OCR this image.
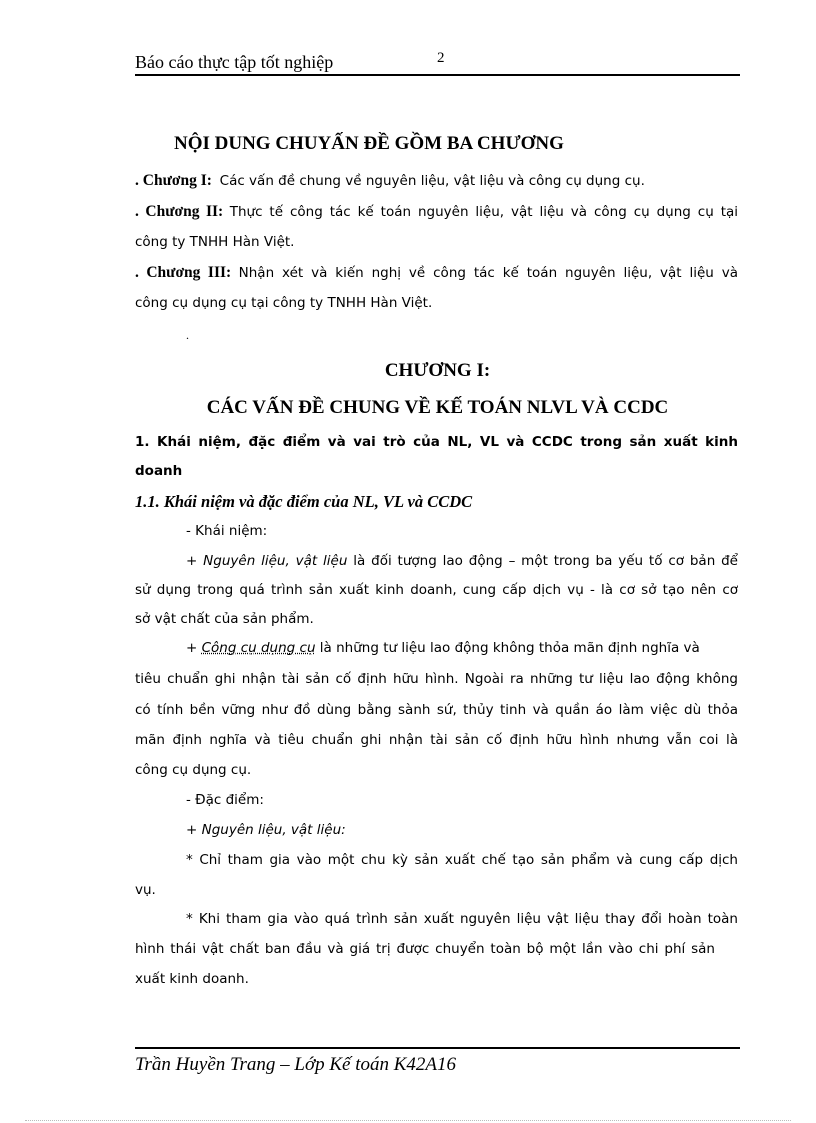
Báo cáo thực tập tốt nghiệp	2
NỘI DUNG CHUYẤN ĐỀ GỒM BA CHƯƠNG
. Chương I: Các vấn đề chung về nguyên liệu, vật liệu và công cụ dụng cụ.
. Chương II: Thực tế công tác kế toán nguyên liệu, vật liệu và công cụ dụng cụ tại
công ty TNHH Hàn Việt.
. Chương III: Nhận xét và kiến nghị về công tác kế toán nguyên liệu, vật liệu và
công cụ dụng cụ tại công ty TNHH Hàn Việt.
.
CHƯƠNG I:
CÁC VẤN ĐỀ CHUNG VỀ KẾ TOÁN NLVL VÀ CCDC
1. Khái niệm, đặc điểm và vai trò của NL, VL và CCDC trong sản xuất kinh
doanh
1.1. Khái niệm và đặc điểm của NL, VL và CCDC
- Khái niệm:
+ Nguyên liệu, vật liệu là đối tượng lao động – một trong ba yếu tố cơ bản để
sử dụng trong quá trình sản xuất kinh doanh, cung cấp dịch vụ - là cơ sở tạo nên cơ
sở vật chất của sản phẩm.
+ Công cụ dụng cụ là những tư liệu lao động không thỏa mãn định nghĩa và
tiêu chuẩn ghi nhận tài sản cố định hữu hình. Ngoài ra những tư liệu lao động không
có tính bền vững như đồ dùng bằng sành sứ, thủy tinh và quần áo làm việc dù thỏa
mãn định nghĩa và tiêu chuẩn ghi nhận tài sản cố định hữu hình nhưng vẫn coi là
công cụ dụng cụ.
- Đặc điểm:
+ Nguyên liệu, vật liệu:
* Chỉ tham gia vào một chu kỳ sản xuất chế tạo sản phẩm và cung cấp dịch
vụ.
* Khi tham gia vào quá trình sản xuất nguyên liệu vật liệu thay đổi hoàn toàn
hình thái vật chất ban đầu và giá trị được chuyển toàn bộ một lần vào chi phí sản
xuất kinh doanh.
Trần Huyền Trang – Lớp Kế toán K42A16
